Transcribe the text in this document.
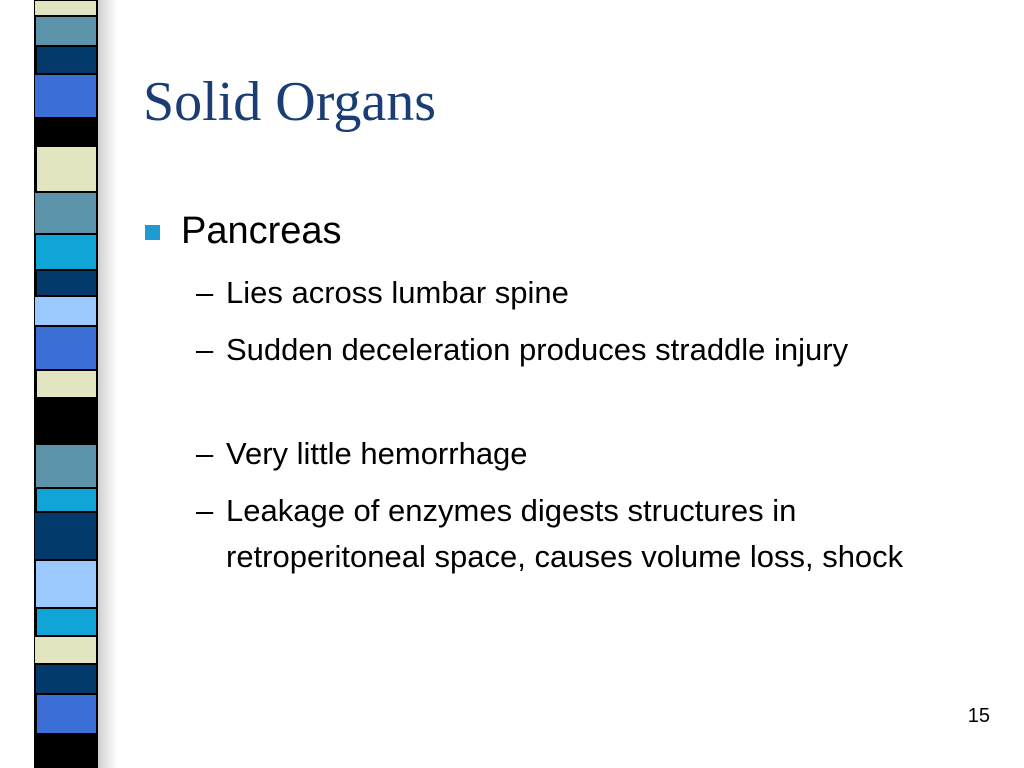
Solid Organs
Pancreas
– Lies across lumbar spine
– Sudden deceleration produces straddle injury
– Very little hemorrhage
– Leakage of enzymes digests structures in retroperitoneal space, causes volume loss, shock
15
